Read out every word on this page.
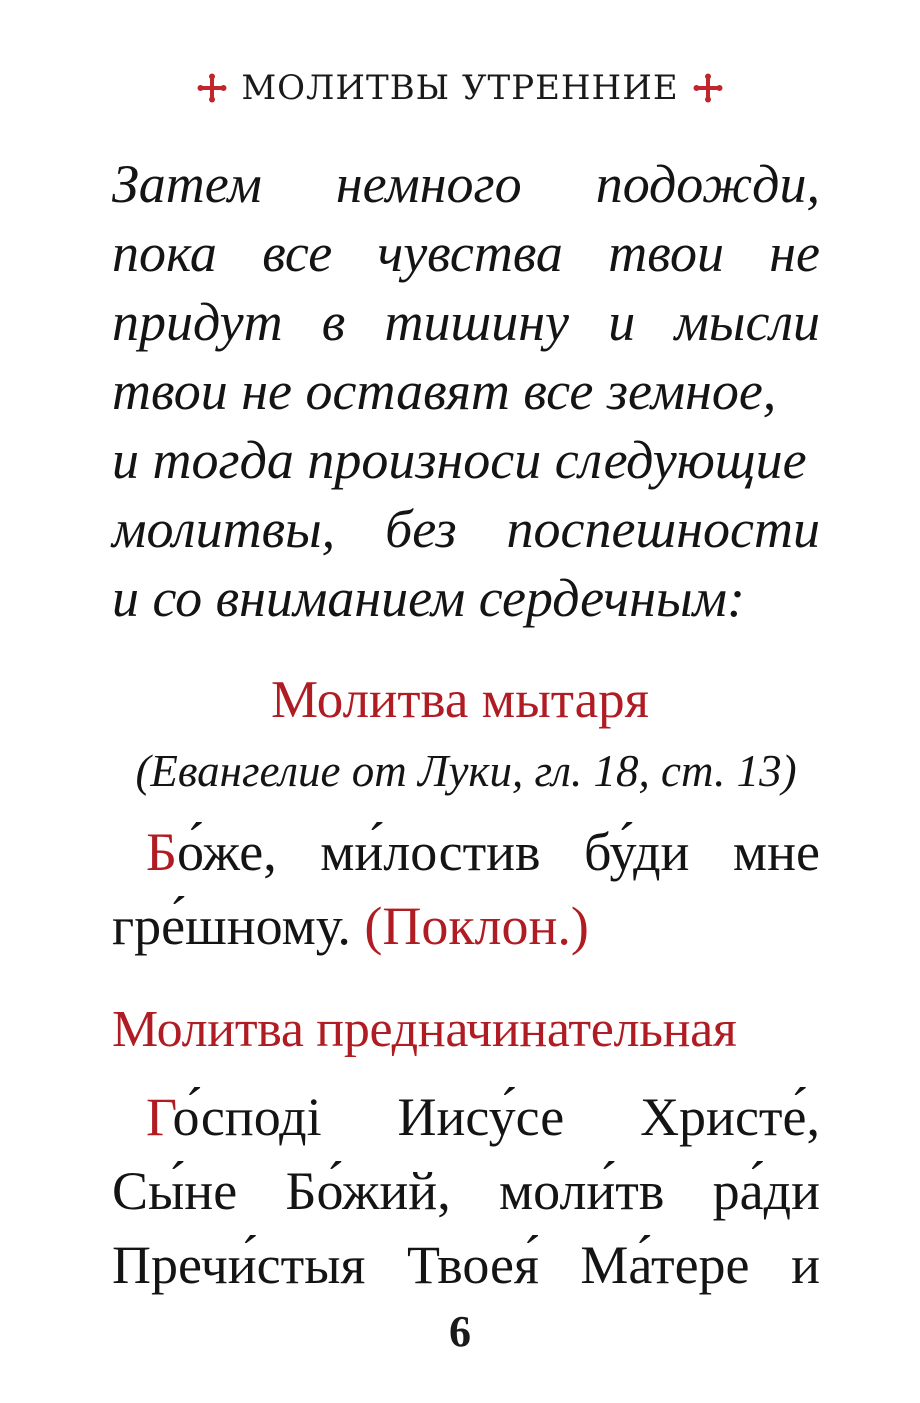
МОЛИТВЫ УТРЕННИЕ
Затем немного подожди,
пока все чувства твои не
придут в тишину и мысли
твои не оставят все земное,
и тогда произноси следующие
молитвы, без поспешности
и со вниманием сердечным:
Молитва мытаря
(Евангелие от Луки, гл. 18, ст. 13)
Бо́же, ми́лостив бу́ди мне
гре́шному. (Поклон.)
Молитва предначинательная
Го́сподi Иису́се Христе́,
Сы́не Бо́жий, моли́тв ра́ди
Пречи́стыя Твоея́ Ма́тере и
6
